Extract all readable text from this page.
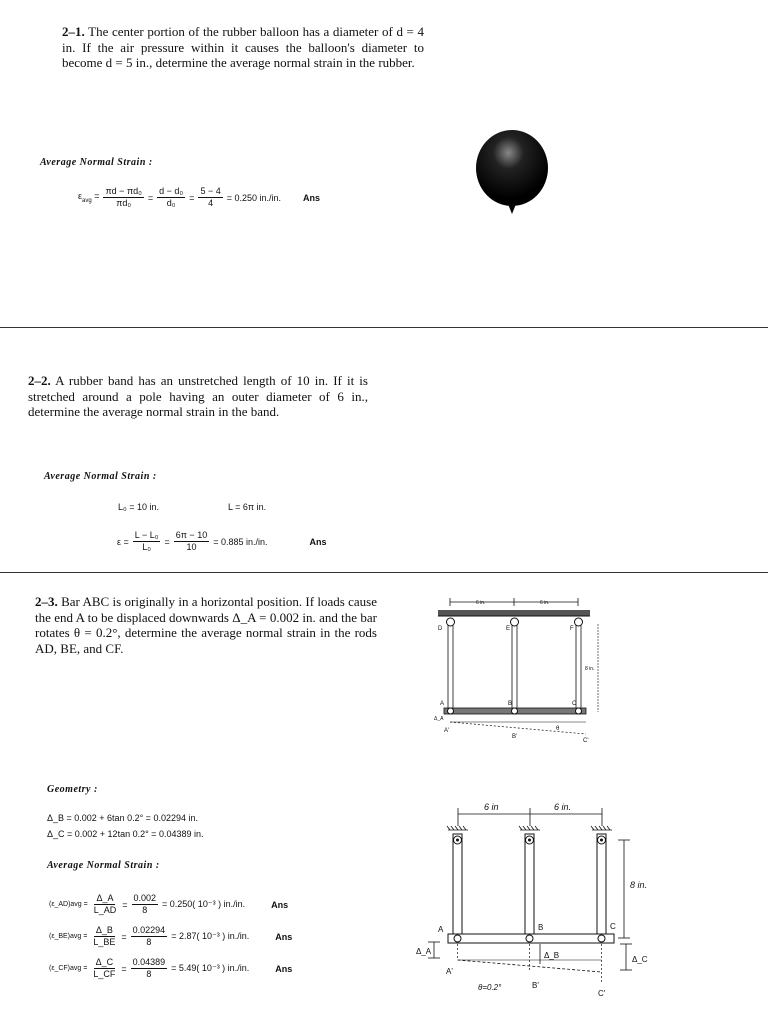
2–1. The center portion of the rubber balloon has a diameter of d = 4 in. If the air pressure within it causes the balloon's diameter to become d = 5 in., determine the average normal strain in the rubber.
Average Normal Strain :
$\varepsilon_{avg} = \frac{\text{πd − πd₀}}{\text{πd₀}} = \frac{\text{d − d₀}}{\text{d₀}} = \frac{5 - 4}{4} = 0.250$ in./in. Ans
2–2. A rubber band has an unstretched length of 10 in. If it is stretched around a pole having an outer diameter of 6 in., determine the average normal strain in the band.
Average Normal Strain :
L₀ = 10 in.	L = 6π in.
$\varepsilon = \frac{\text{L − L₀}}{\text{L₀}} = \frac{6\pi - 10}{10} = 0.885$ in./in.	Ans
2–3. Bar ABC is originally in a horizontal position. If loads cause the end A to be displaced downwards Δ_A = 0.002 in. and the bar rotates θ = 0.2°, determine the average normal strain in the rods AD, BE, and CF.
6 in.	6 in.
D	E	F
8 in.
A	B	C
A'
B'
C'
θ
Δ_A
Geometry :
Δ_B = 0.002 + 6tan 0.2° = 0.02294 in.
Δ_C = 0.002 + 12tan 0.2° = 0.04389 in.
Average Normal Strain :
(ε_AD)avg = $\frac{\Delta\_A}{L\_AD} = \frac{0.002}{8} = 0.250$( 10⁻³ ) in./in.	Ans
(ε_BE)avg = $\frac{\Delta\_B}{L\_BE} = \frac{0.02294}{8} = 2.87$( 10⁻³ ) in./in.	Ans
(ε_CF)avg = $\frac{\Delta\_C}{L\_CF} = \frac{0.04389}{8} = 5.49$( 10⁻³ ) in./in.	Ans
6 in	6 in.
8 in.
A	B	C
Δ_A	Δ_B	Δ_C
A'
B'
C'
θ=0.2°
